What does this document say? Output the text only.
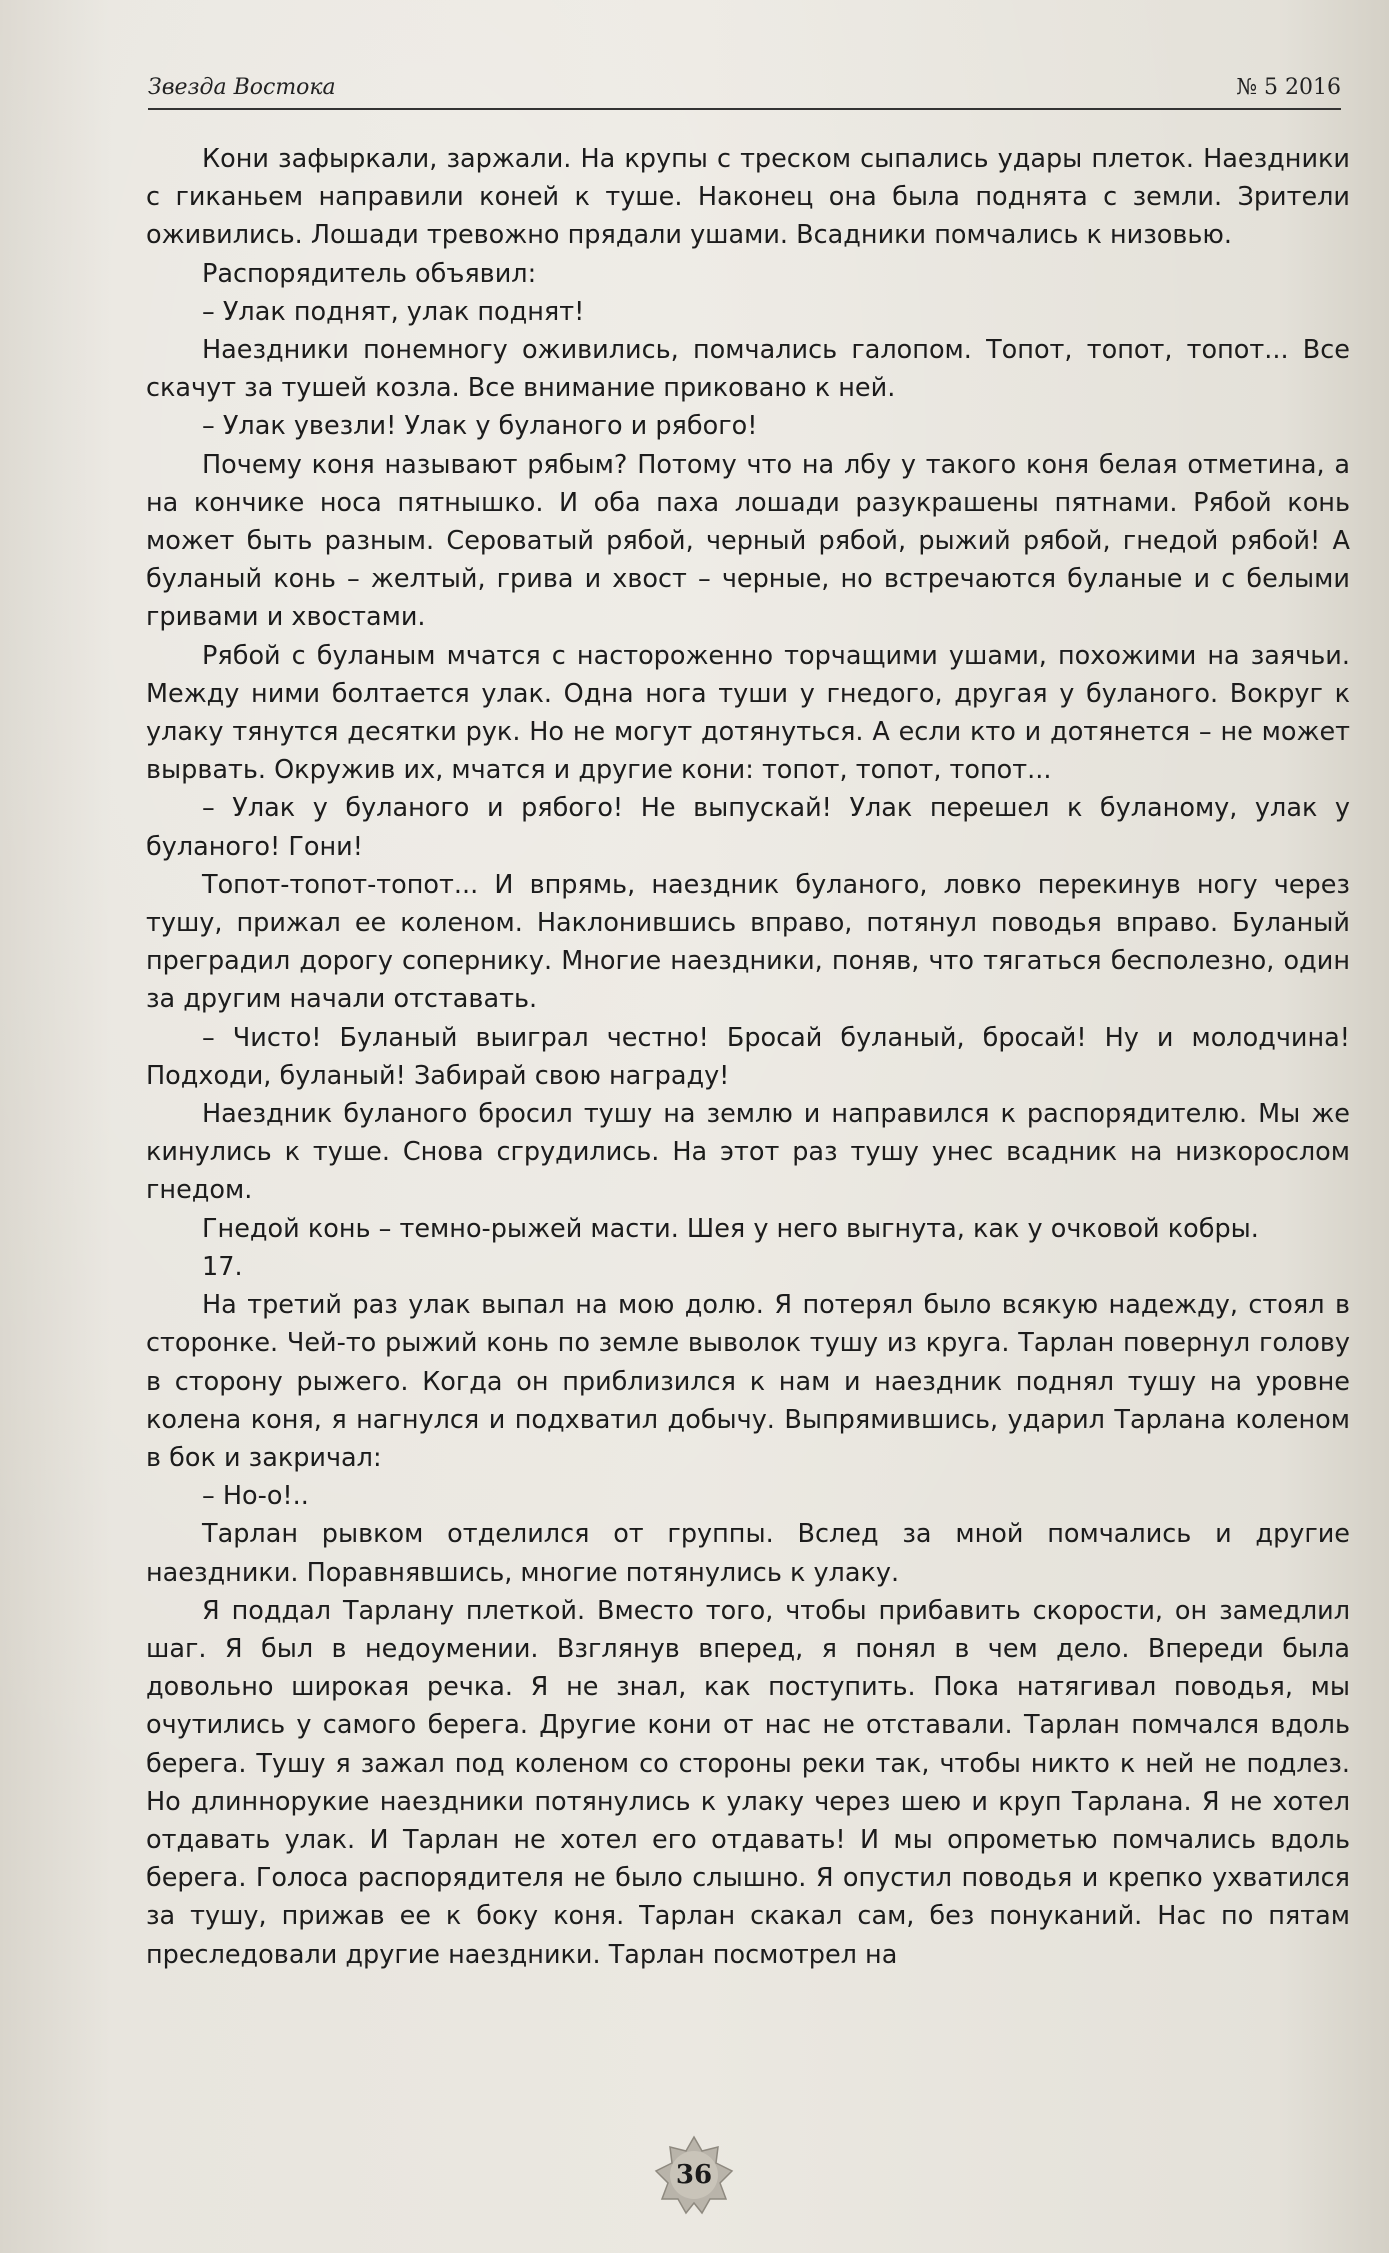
Звезда Востока	№ 5 2016

Кони зафыркали, заржали. На крупы с треском сыпались удары плеток. Наездники с гиканьем направили коней к туше. Наконец она была поднята с земли. Зрители оживились. Лошади тревожно прядали ушами. Всадники помчались к низовью.

Распорядитель объявил:

– Улак поднят, улак поднят!

Наездники понемногу оживились, помчались галопом. Топот, топот, топот... Все скачут за тушей козла. Все внимание приковано к ней.

– Улак увезли! Улак у буланого и рябого!

Почему коня называют рябым? Потому что на лбу у такого коня белая отметина, а на кончике носа пятнышко. И оба паха лошади разукрашены пятнами. Рябой конь может быть разным. Сероватый рябой, черный рябой, рыжий рябой, гнедой рябой! А буланый конь – желтый, грива и хвост – черные, но встречаются буланые и с белыми гривами и хвостами.

Рябой с буланым мчатся с настороженно торчащими ушами, похожими на заячьи. Между ними болтается улак. Одна нога туши у гнедого, другая у буланого. Вокруг к улаку тянутся десятки рук. Но не могут дотянуться. А если кто и дотянется – не может вырвать. Окружив их, мчатся и другие кони: топот, топот, топот...

– Улак у буланого и рябого! Не выпускай! Улак перешел к буланому, улак у буланого! Гони!

Топот-топот-топот... И впрямь, наездник буланого, ловко перекинув ногу через тушу, прижал ее коленом. Наклонившись вправо, потянул поводья вправо. Буланый преградил дорогу сопернику. Многие наездники, поняв, что тягаться бесполезно, один за другим начали отставать.

– Чисто! Буланый выиграл честно! Бросай буланый, бросай! Ну и молодчина! Подходи, буланый! Забирай свою награду!

Наездник буланого бросил тушу на землю и направился к распорядителю. Мы же кинулись к туше. Снова сгрудились. На этот раз тушу унес всадник на низкорослом гнедом.

Гнедой конь – темно-рыжей масти. Шея у него выгнута, как у очковой кобры.

17.

На третий раз улак выпал на мою долю. Я потерял было всякую надежду, стоял в сторонке. Чей-то рыжий конь по земле выволок тушу из круга. Тарлан повернул голову в сторону рыжего. Когда он приблизился к нам и наездник поднял тушу на уровне колена коня, я нагнулся и подхватил добычу. Выпрямившись, ударил Тарлана коленом в бок и закричал:

– Но-о!..

Тарлан рывком отделился от группы. Вслед за мной помчались и другие наездники. Поравнявшись, многие потянулись к улаку.

Я поддал Тарлану плеткой. Вместо того, чтобы прибавить скорости, он замедлил шаг. Я был в недоумении. Взглянув вперед, я понял в чем дело. Впереди была довольно широкая речка. Я не знал, как поступить. Пока натягивал поводья, мы очутились у самого берега. Другие кони от нас не отставали. Тарлан помчался вдоль берега. Тушу я зажал под коленом со стороны реки так, чтобы никто к ней не подлез. Но длиннорукие наездники потянулись к улаку через шею и круп Тарлана. Я не хотел отдавать улак. И Тарлан не хотел его отдавать! И мы опрометью помчались вдоль берега. Голоса распорядителя не было слышно. Я опустил поводья и крепко ухватился за тушу, прижав ее к боку коня. Тарлан скакал сам, без понуканий. Нас по пятам преследовали другие наездники. Тарлан посмотрел на

36
